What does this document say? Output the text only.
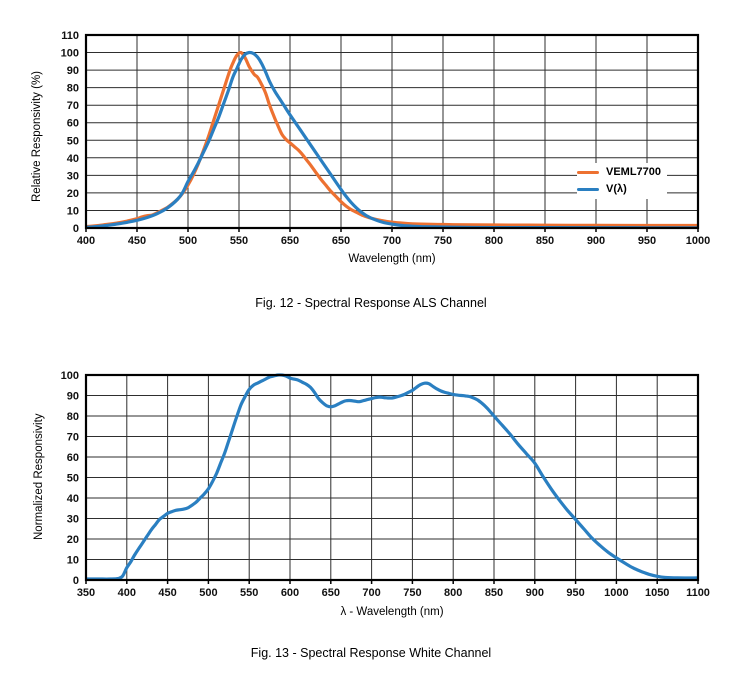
Relative Responsivity (%)
0
10
20
30
40
50
60
70
80
90
100
110
400	450	500	550	650	650	700	750	800	850	900	950	1000
VEML7700
V(λ)
Wavelength (nm)
Fig. 12 - Spectral Response ALS Channel
Normalized Responsivity
0
10
20
30
40
50
60
70
80
90
100
350 400 450 500 550 600 650 700 750 800 850 900 950 1000 1050 1100
λ - Wavelength (nm)
Fig. 13 - Spectral Response White Channel
